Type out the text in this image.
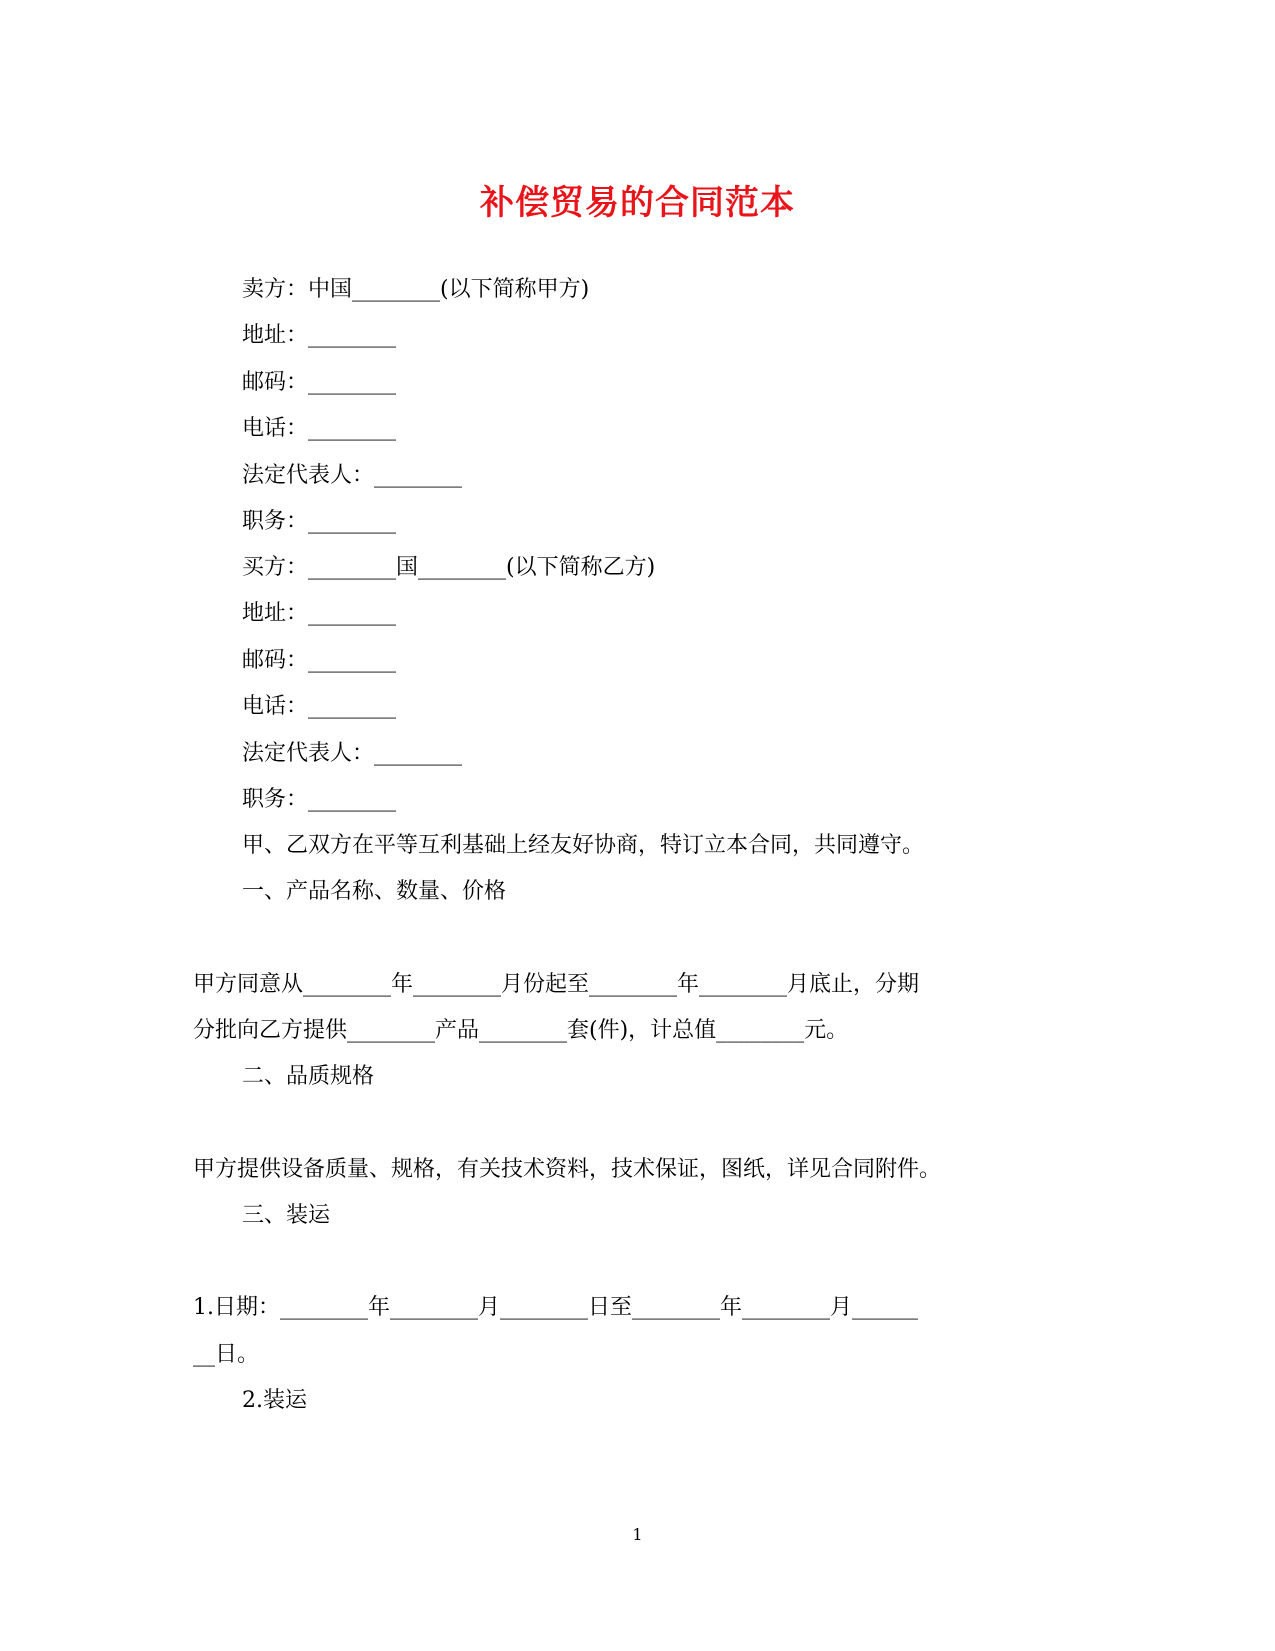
补偿贸易的合同范本
卖方：中国________(以下简称甲方)
地址：________
邮码：________
电话：________
法定代表人：________
职务：________
买方：________国________(以下简称乙方)
地址：________
邮码：________
电话：________
法定代表人：________
职务：________
甲、乙双方在平等互利基础上经友好协商，特订立本合同，共同遵守。
一、产品名称、数量、价格
甲方同意从________年________月份起至________年________月底止，分期
分批向乙方提供________产品________套(件)，计总值________元。
二、品质规格
甲方提供设备质量、规格，有关技术资料，技术保证，图纸，详见合同附件。
三、装运
1.日期：________年________月________日至________年________月______
__日。
2.装运
1
